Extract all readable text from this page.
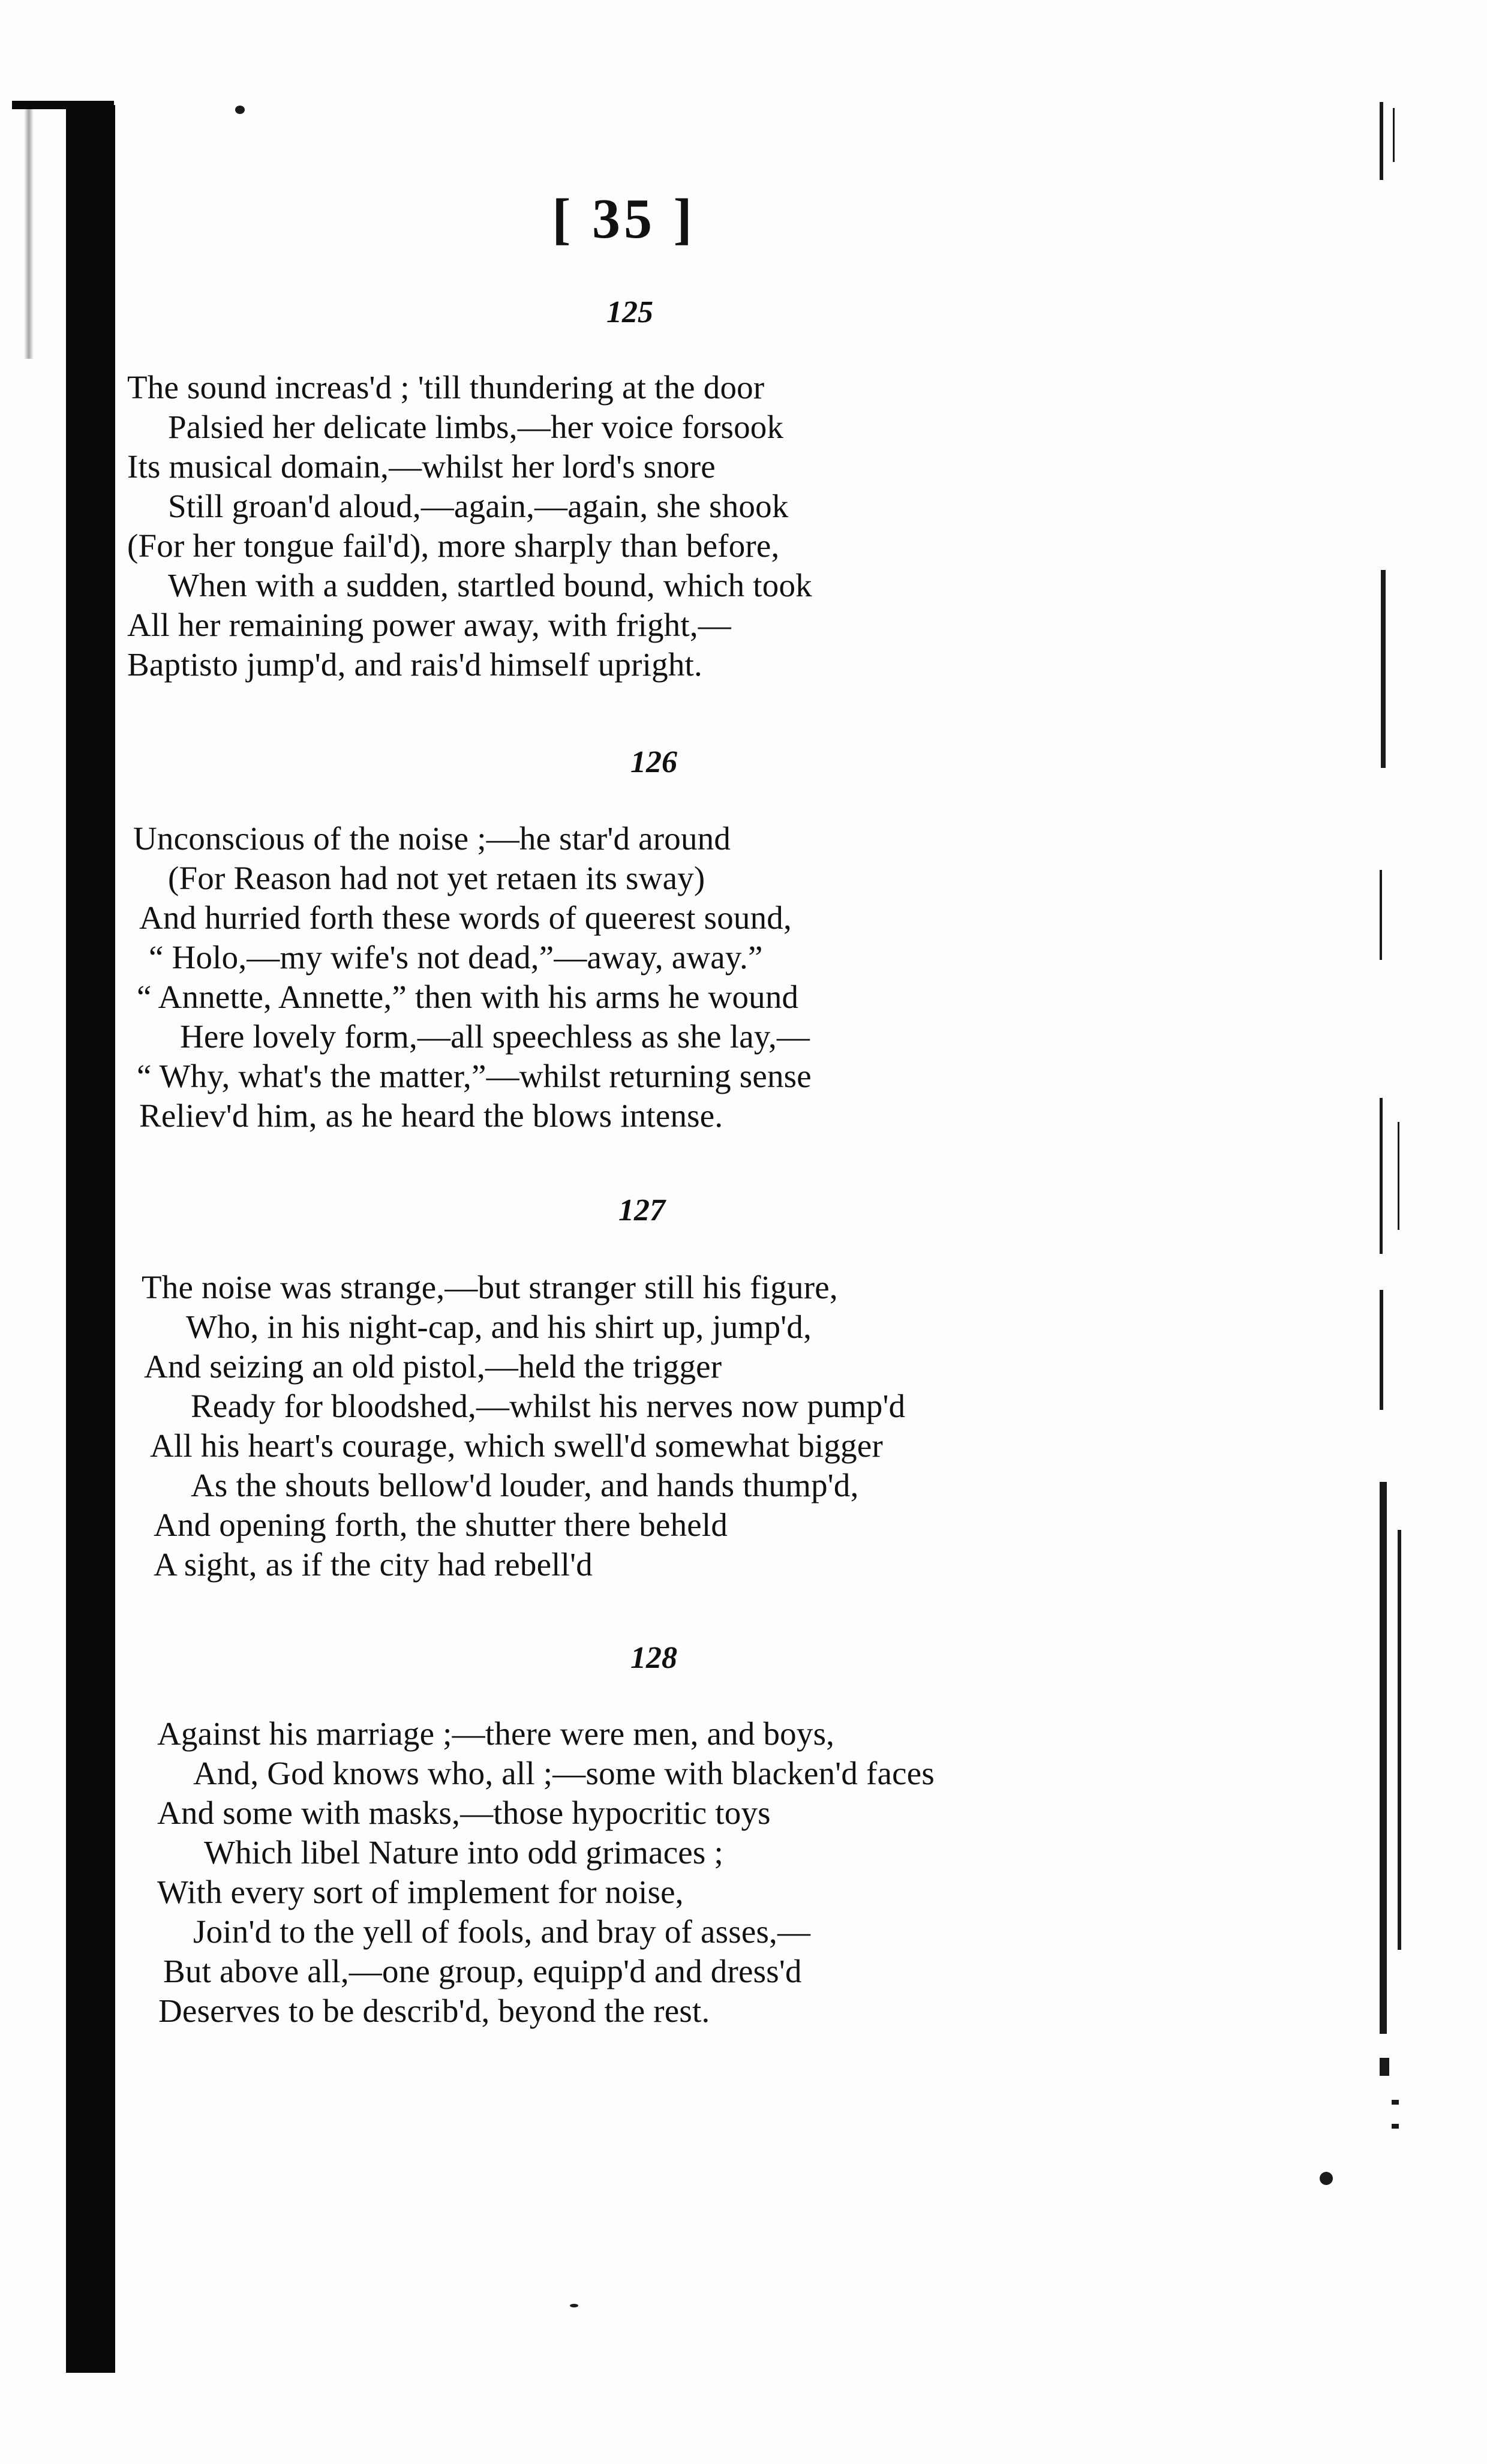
[ 35 ]
125
The sound increas'd ; 'till thundering at the door
Palsied her delicate limbs,—her voice forsook
Its musical domain,—whilst her lord's snore
Still groan'd aloud,—again,—again, she shook
(For her tongue fail'd), more sharply than before,
When with a sudden, startled bound, which took
All her remaining power away, with fright,—
Baptisto jump'd, and rais'd himself upright.
126
Unconscious of the noise ;—he star'd around
(For Reason had not yet retaen its sway)
And hurried forth these words of queerest sound,
“ Holo,—my wife's not dead,”—away, away.”
“ Annette, Annette,” then with his arms he wound
Here lovely form,—all speechless as she lay,—
“ Why, what's the matter,”—whilst returning sense
Reliev'd him, as he heard the blows intense.
127
The noise was strange,—but stranger still his figure,
Who, in his night-cap, and his shirt up, jump'd,
And seizing an old pistol,—held the trigger
Ready for bloodshed,—whilst his nerves now pump'd
All his heart's courage, which swell'd somewhat bigger
As the shouts bellow'd louder, and hands thump'd,
And opening forth, the shutter there beheld
A sight, as if the city had rebell'd
128
Against his marriage ;—there were men, and boys,
And, God knows who, all ;—some with blacken'd faces
And some with masks,—those hypocritic toys
Which libel Nature into odd grimaces ;
With every sort of implement for noise,
Join'd to the yell of fools, and bray of asses,—
But above all,—one group, equipp'd and dress'd
Deserves to be describ'd, beyond the rest.
